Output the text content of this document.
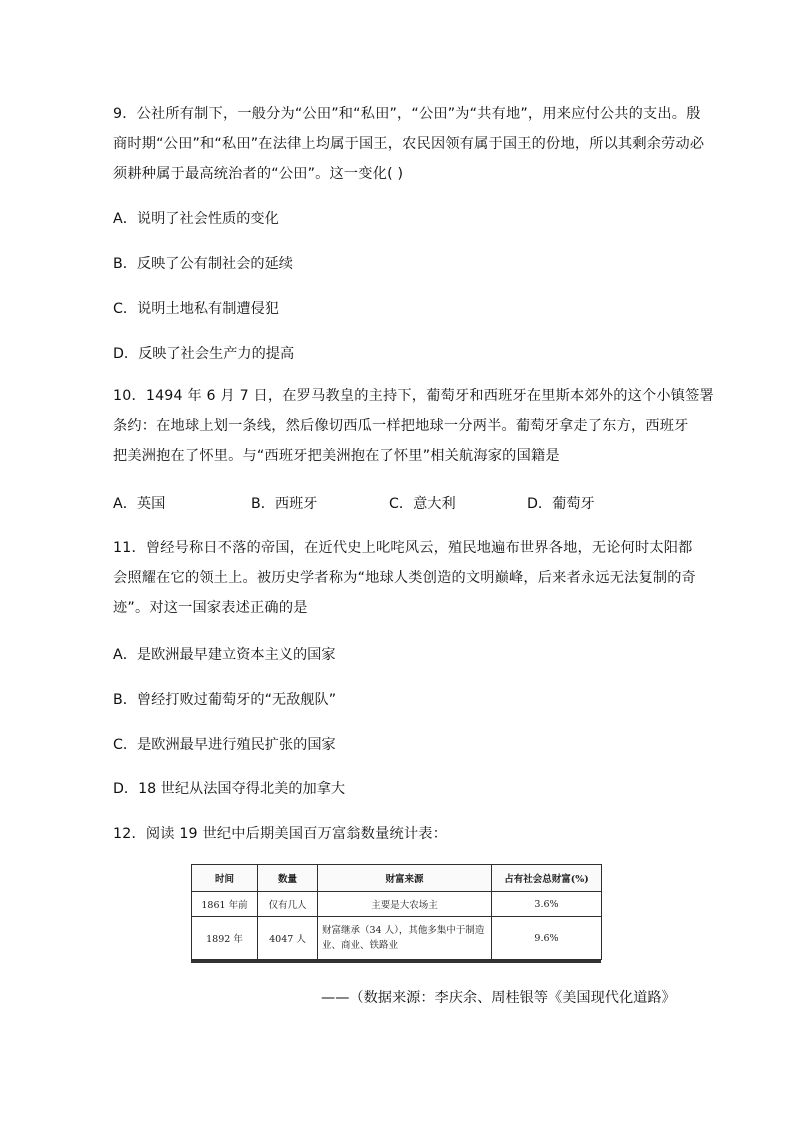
9．公社所有制下，一般分为“公田”和“私田”，“公田”为“共有地”，用来应付公共的支出。殷
商时期“公田”和“私田”在法律上均属于国王，农民因领有属于国王的份地，所以其剩余劳动必
须耕种属于最高统治者的“公田”。这一变化( )
A．说明了社会性质的变化
B．反映了公有制社会的延续
C．说明土地私有制遭侵犯
D．反映了社会生产力的提高
10．1494 年 6 月 7 日，在罗马教皇的主持下，葡萄牙和西班牙在里斯本郊外的这个小镇签署
条约：在地球上划一条线，然后像切西瓜一样把地球一分两半。葡萄牙拿走了东方，西班牙
把美洲抱在了怀里。与“西班牙把美洲抱在了怀里”相关航海家的国籍是
A．英国	B．西班牙	C．意大利	D．葡萄牙
11．曾经号称日不落的帝国，在近代史上叱咤风云，殖民地遍布世界各地，无论何时太阳都
会照耀在它的领土上。被历史学者称为“地球人类创造的文明巅峰，后来者永远无法复制的奇
迹”。对这一国家表述正确的是
A．是欧洲最早建立资本主义的国家
B．曾经打败过葡萄牙的“无敌舰队”
C．是欧洲最早进行殖民扩张的国家
D．18 世纪从法国夺得北美的加拿大
12．阅读 19 世纪中后期美国百万富翁数量统计表：
时间	数量	财富来源	占有社会总财富(%)
1861 年前	仅有几人	主要是大农场主	3.6%
1892 年	4047 人	财富继承（34 人），其他多集中于制造业、商业、铁路业	9.6%
——（数据来源：李庆余、周桂银等《美国现代化道路》
